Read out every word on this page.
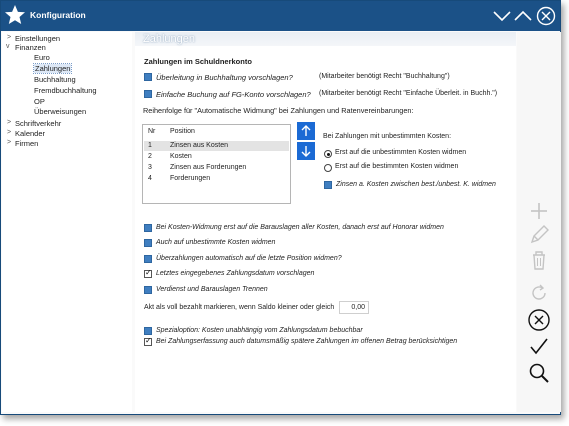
Konfiguration
> Einstellungen
v Finanzen
Euro
Zahlungen
Buchhaltung
Fremdbuchhaltung
OP
Überweisungen
> Schriftverkehr
> Kalender
> Firmen
Zahlungen
Zahlungen im Schuldnerkonto
Überleitung in Buchhaltung vorschlagen?	(Mitarbeiter benötigt Recht "Buchhaltung")
Einfache Buchung auf FG-Konto vorschlagen? (Mitarbeiter benötigt Recht "Einfache Überleit. in Buchh.")
Reihenfolge für "Automatische Widmung" bei Zahlungen und Ratenvereinbarungen:
Nr Position
1	Zinsen aus Kosten
2	Kosten
3	Zinsen aus Forderungen
4	Forderungen
Bei Zahlungen mit unbestimmten Kosten:
Erst auf die unbestimmten Kosten widmen
Erst auf die bestimmten Kosten widmen
Zinsen a. Kosten zwischen best./unbest. K. widmen
Bei Kosten-Widmung erst auf die Barauslagen aller Kosten, danach erst auf Honorar widmen
Auch auf unbestimmte Kosten widmen
Überzahlungen automatisch auf die letzte Position widmen?
✓
Letztes eingegebenes Zahlungsdatum vorschlagen
Verdienst und Barauslagen Trennen
Akt als voll bezahlt markieren, wenn Saldo kleiner oder gleich	0,00
Spezialoption: Kosten unabhängig vom Zahlungsdatum bebuchbar
✓
Bei Zahlungserfassung auch datumsmäßig spätere Zahlungen im offenen Betrag berücksichtigen
